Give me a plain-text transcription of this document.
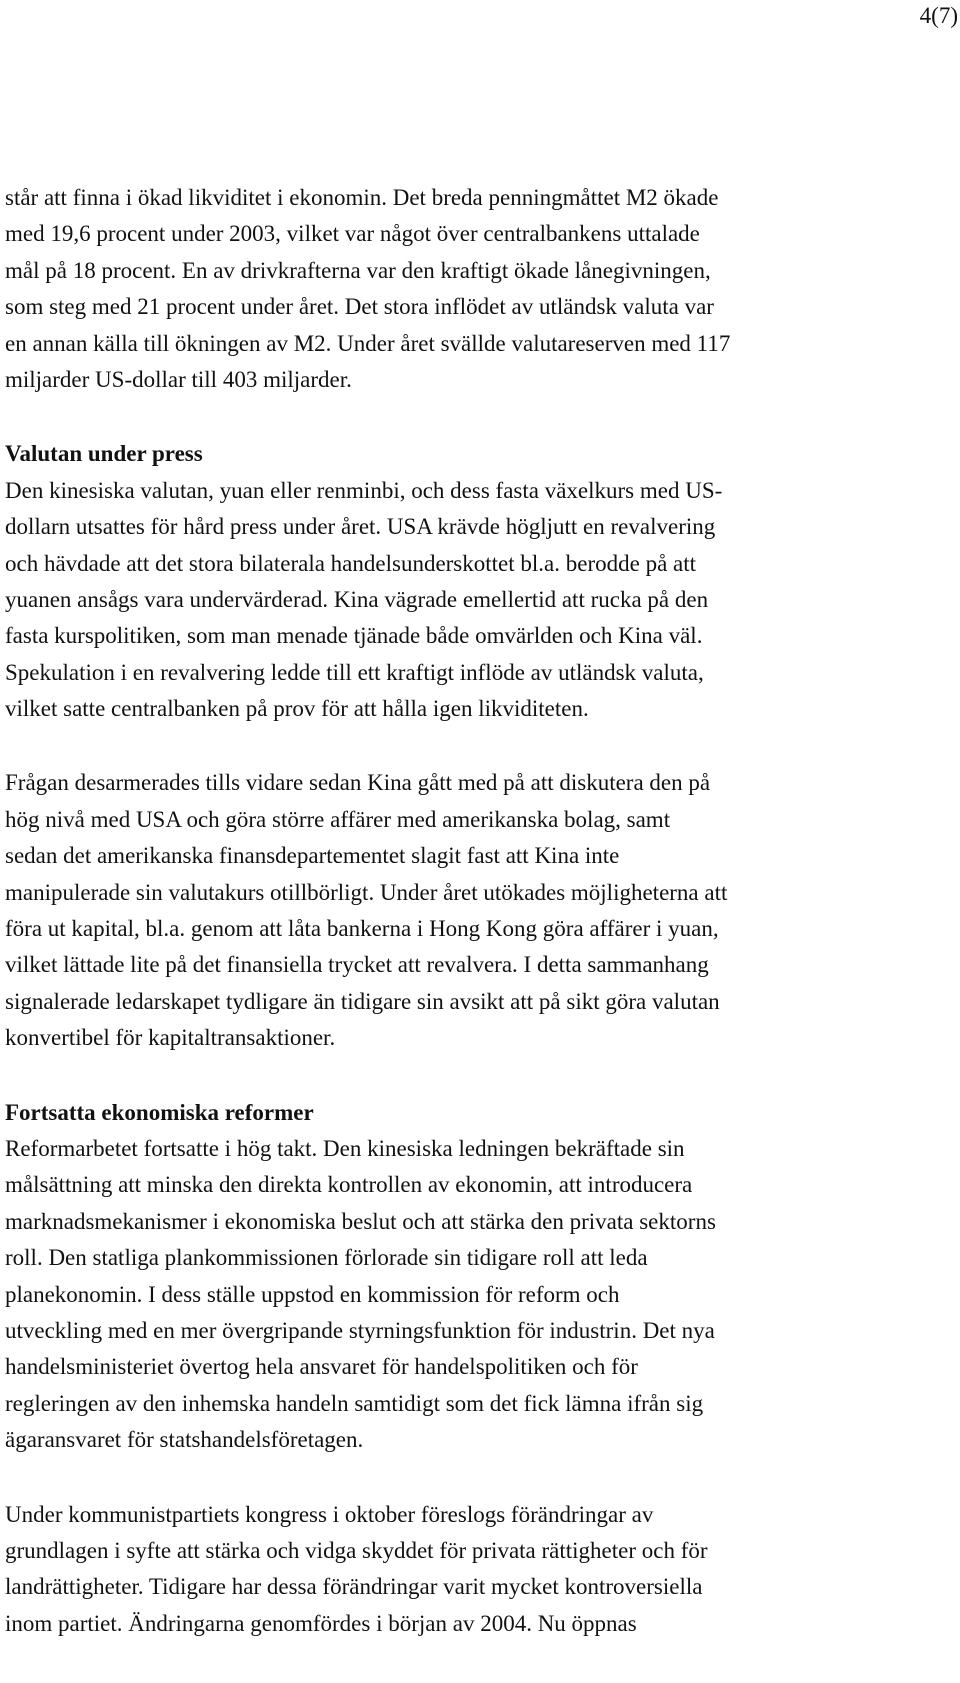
4(7)
står att finna i ökad likviditet i ekonomin. Det breda penningmåttet M2 ökade
med 19,6 procent under 2003, vilket var något över centralbankens uttalade
mål på 18 procent. En av drivkrafterna var den kraftigt ökade lånegivningen,
som steg med 21 procent under året. Det stora inflödet av utländsk valuta var
en annan källa till ökningen av M2. Under året svällde valutareserven med 117
miljarder US-dollar till 403 miljarder.
Valutan under press
Den kinesiska valutan, yuan eller renminbi, och dess fasta växelkurs med US-
dollarn utsattes för hård press under året. USA krävde högljutt en revalvering
och hävdade att det stora bilaterala handelsunderskottet bl.a. berodde på att
yuanen ansågs vara undervärderad. Kina vägrade emellertid att rucka på den
fasta kurspolitiken, som man menade tjänade både omvärlden och Kina väl.
Spekulation i en revalvering ledde till ett kraftigt inflöde av utländsk valuta,
vilket satte centralbanken på prov för att hålla igen likviditeten.
Frågan desarmerades tills vidare sedan Kina gått med på att diskutera den på
hög nivå med USA och göra större affärer med amerikanska bolag, samt
sedan det amerikanska finansdepartementet slagit fast att Kina inte
manipulerade sin valutakurs otillbörligt. Under året utökades möjligheterna att
föra ut kapital, bl.a. genom att låta bankerna i Hong Kong göra affärer i yuan,
vilket lättade lite på det finansiella trycket att revalvera. I detta sammanhang
signalerade ledarskapet tydligare än tidigare sin avsikt att på sikt göra valutan
konvertibel för kapitaltransaktioner.
Fortsatta ekonomiska reformer
Reformarbetet fortsatte i hög takt. Den kinesiska ledningen bekräftade sin
målsättning att minska den direkta kontrollen av ekonomin, att introducera
marknadsmekanismer i ekonomiska beslut och att stärka den privata sektorns
roll. Den statliga plankommissionen förlorade sin tidigare roll att leda
planekonomin. I dess ställe uppstod en kommission för reform och
utveckling med en mer övergripande styrningsfunktion för industrin. Det nya
handelsministeriet övertog hela ansvaret för handelspolitiken och för
regleringen av den inhemska handeln samtidigt som det fick lämna ifrån sig
ägaransvaret för statshandelsföretagen.
Under kommunistpartiets kongress i oktober föreslogs förändringar av
grundlagen i syfte att stärka och vidga skyddet för privata rättigheter och för
landrättigheter. Tidigare har dessa förändringar varit mycket kontroversiella
inom partiet. Ändringarna genomfördes i början av 2004. Nu öppnas
